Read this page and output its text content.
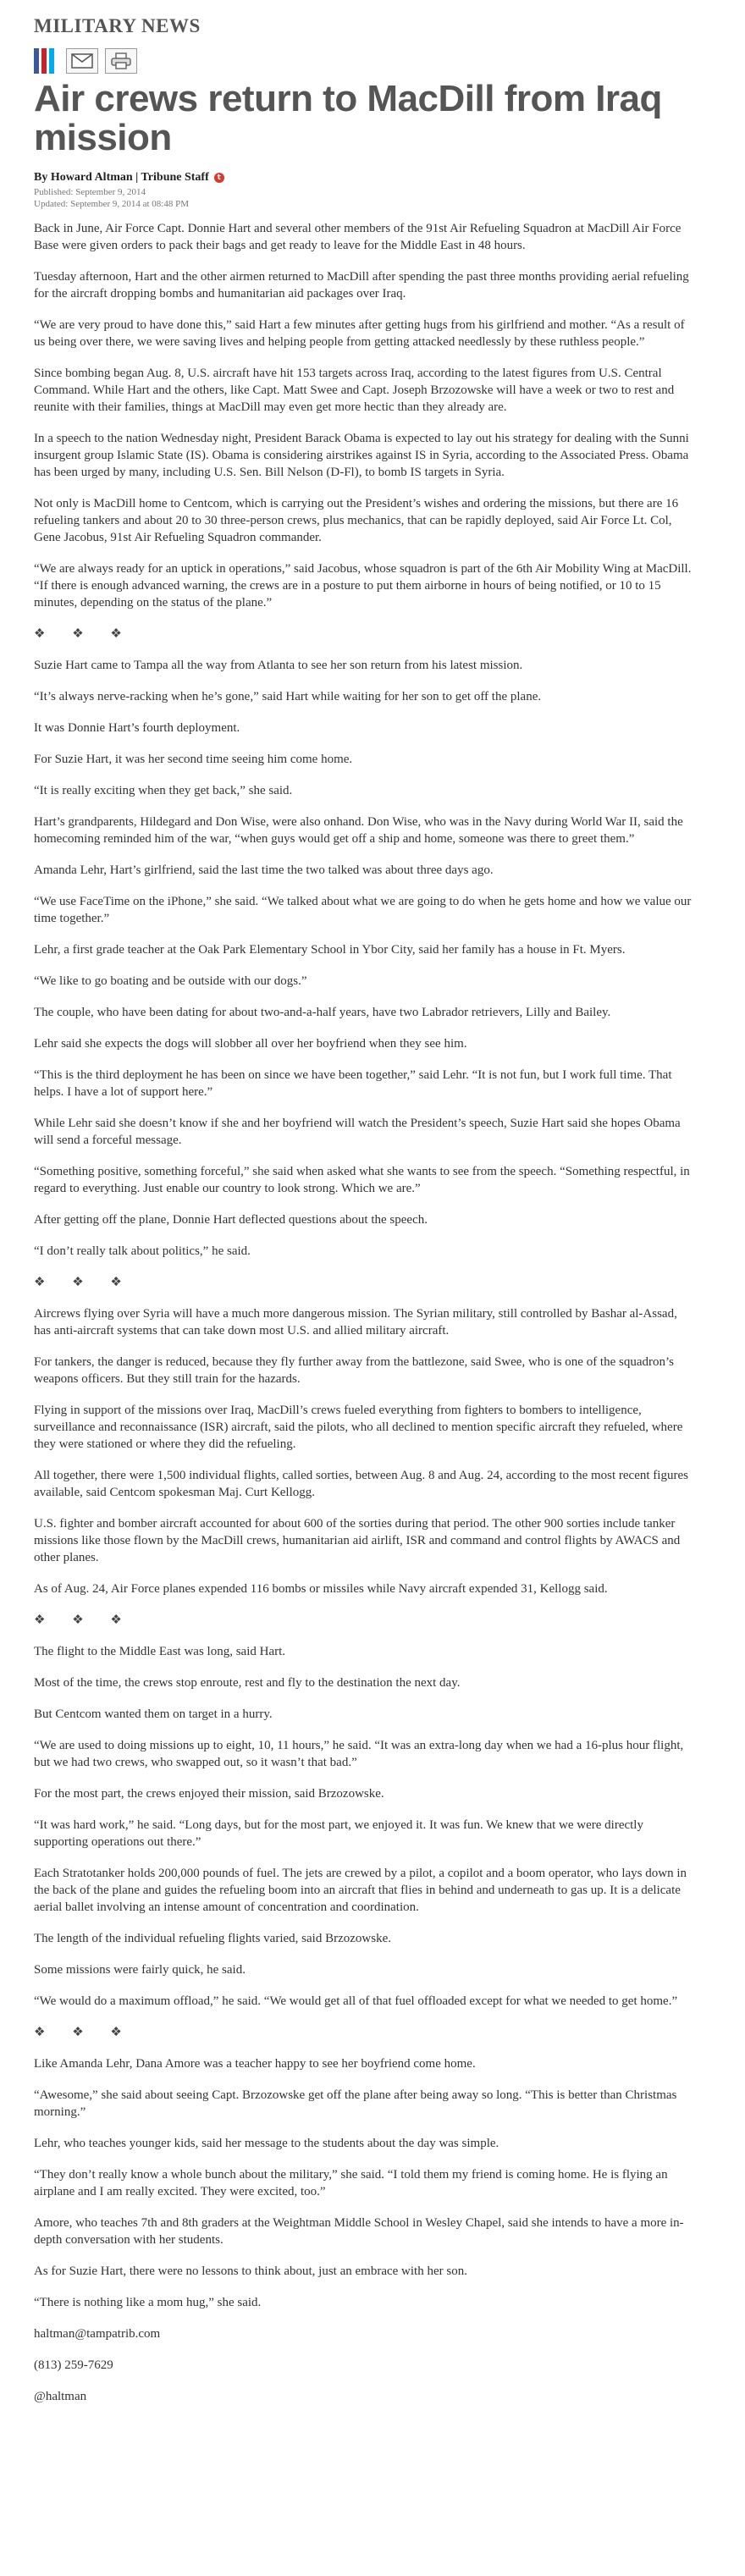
MILITARY NEWS
Air crews return to MacDill from Iraq mission
By Howard Altman | Tribune Staff	t
Published: September 9, 2014
Updated: September 9, 2014 at 08:48 PM

Back in June, Air Force Capt. Donnie Hart and several other members of the 91st Air Refueling Squadron at MacDill Air Force Base were given orders to pack their bags and get ready to leave for the Middle East in 48 hours.

Tuesday afternoon, Hart and the other airmen returned to MacDill after spending the past three months providing aerial refueling for the aircraft dropping bombs and humanitarian aid packages over Iraq.

“We are very proud to have done this,” said Hart a few minutes after getting hugs from his girlfriend and mother. “As a result of us being over there, we were saving lives and helping people from getting attacked needlessly by these ruthless people.”

Since bombing began Aug. 8, U.S. aircraft have hit 153 targets across Iraq, according to the latest figures from U.S. Central Command. While Hart and the others, like Capt. Matt Swee and Capt. Joseph Brzozowske will have a week or two to rest and reunite with their families, things at MacDill may even get more hectic than they already are.

In a speech to the nation Wednesday night, President Barack Obama is expected to lay out his strategy for dealing with the Sunni insurgent group Islamic State (IS). Obama is considering airstrikes against IS in Syria, according to the Associated Press. Obama has been urged by many, including U.S. Sen. Bill Nelson (D-Fl), to bomb IS targets in Syria.

Not only is MacDill home to Centcom, which is carrying out the President’s wishes and ordering the missions, but there are 16 refueling tankers and about 20 to 30 three-person crews, plus mechanics, that can be rapidly deployed, said Air Force Lt. Col, Gene Jacobus, 91st Air Refueling Squadron commander.

“We are always ready for an uptick in operations,” said Jacobus, whose squadron is part of the 6th Air Mobility Wing at MacDill. “If there is enough advanced warning, the crews are in a posture to put them airborne in hours of being notified, or 10 to 15 minutes, depending on the status of the plane.”

❖ ❖ ❖

Suzie Hart came to Tampa all the way from Atlanta to see her son return from his latest mission.

“It’s always nerve-racking when he’s gone,” said Hart while waiting for her son to get off the plane.

It was Donnie Hart’s fourth deployment.

For Suzie Hart, it was her second time seeing him come home.

“It is really exciting when they get back,” she said.

Hart’s grandparents, Hildegard and Don Wise, were also onhand. Don Wise, who was in the Navy during World War II, said the homecoming reminded him of the war, “when guys would get off a ship and home, someone was there to greet them.”

Amanda Lehr, Hart’s girlfriend, said the last time the two talked was about three days ago.

“We use FaceTime on the iPhone,” she said. “We talked about what we are going to do when he gets home and how we value our time together.”

Lehr, a first grade teacher at the Oak Park Elementary School in Ybor City, said her family has a house in Ft. Myers.

“We like to go boating and be outside with our dogs.”

The couple, who have been dating for about two-and-a-half years, have two Labrador retrievers, Lilly and Bailey.

Lehr said she expects the dogs will slobber all over her boyfriend when they see him.

“This is the third deployment he has been on since we have been together,” said Lehr. “It is not fun, but I work full time. That helps. I have a lot of support here.”

While Lehr said she doesn’t know if she and her boyfriend will watch the President’s speech, Suzie Hart said she hopes Obama will send a forceful message.

“Something positive, something forceful,” she said when asked what she wants to see from the speech. “Something respectful, in regard to everything. Just enable our country to look strong. Which we are.”

After getting off the plane, Donnie Hart deflected questions about the speech.

“I don’t really talk about politics,” he said.

❖ ❖ ❖

Aircrews flying over Syria will have a much more dangerous mission. The Syrian military, still controlled by Bashar al-Assad, has anti-aircraft systems that can take down most U.S. and allied military aircraft.

For tankers, the danger is reduced, because they fly further away from the battlezone, said Swee, who is one of the squadron’s weapons officers. But they still train for the hazards.

Flying in support of the missions over Iraq, MacDill’s crews fueled everything from fighters to bombers to intelligence, surveillance and reconnaissance (ISR) aircraft, said the pilots, who all declined to mention specific aircraft they refueled, where they were stationed or where they did the refueling.

All together, there were 1,500 individual flights, called sorties, between Aug. 8 and Aug. 24, according to the most recent figures available, said Centcom spokesman Maj. Curt Kellogg.

U.S. fighter and bomber aircraft accounted for about 600 of the sorties during that period. The other 900 sorties include tanker missions like those flown by the MacDill crews, humanitarian aid airlift, ISR and command and control flights by AWACS and other planes.

As of Aug. 24, Air Force planes expended 116 bombs or missiles while Navy aircraft expended 31, Kellogg said.

❖ ❖ ❖

The flight to the Middle East was long, said Hart.

Most of the time, the crews stop enroute, rest and fly to the destination the next day.

But Centcom wanted them on target in a hurry.

“We are used to doing missions up to eight, 10, 11 hours,” he said. “It was an extra-long day when we had a 16-plus hour flight, but we had two crews, who swapped out, so it wasn’t that bad.”

For the most part, the crews enjoyed their mission, said Brzozowske.

“It was hard work,” he said. “Long days, but for the most part, we enjoyed it. It was fun. We knew that we were directly supporting operations out there.”

Each Stratotanker holds 200,000 pounds of fuel. The jets are crewed by a pilot, a copilot and a boom operator, who lays down in the back of the plane and guides the refueling boom into an aircraft that flies in behind and underneath to gas up. It is a delicate aerial ballet involving an intense amount of concentration and coordination.

The length of the individual refueling flights varied, said Brzozowske.

Some missions were fairly quick, he said.

“We would do a maximum offload,” he said. “We would get all of that fuel offloaded except for what we needed to get home.”

❖ ❖ ❖

Like Amanda Lehr, Dana Amore was a teacher happy to see her boyfriend come home.

“Awesome,” she said about seeing Capt. Brzozowske get off the plane after being away so long. “This is better than Christmas morning.”

Lehr, who teaches younger kids, said her message to the students about the day was simple.

“They don’t really know a whole bunch about the military,” she said. “I told them my friend is coming home. He is flying an airplane and I am really excited. They were excited, too.”

Amore, who teaches 7th and 8th graders at the Weightman Middle School in Wesley Chapel, said she intends to have a more in-depth conversation with her students.

As for Suzie Hart, there were no lessons to think about, just an embrace with her son.

“There is nothing like a mom hug,” she said.

haltman@tampatrib.com

(813) 259-7629

@haltman
